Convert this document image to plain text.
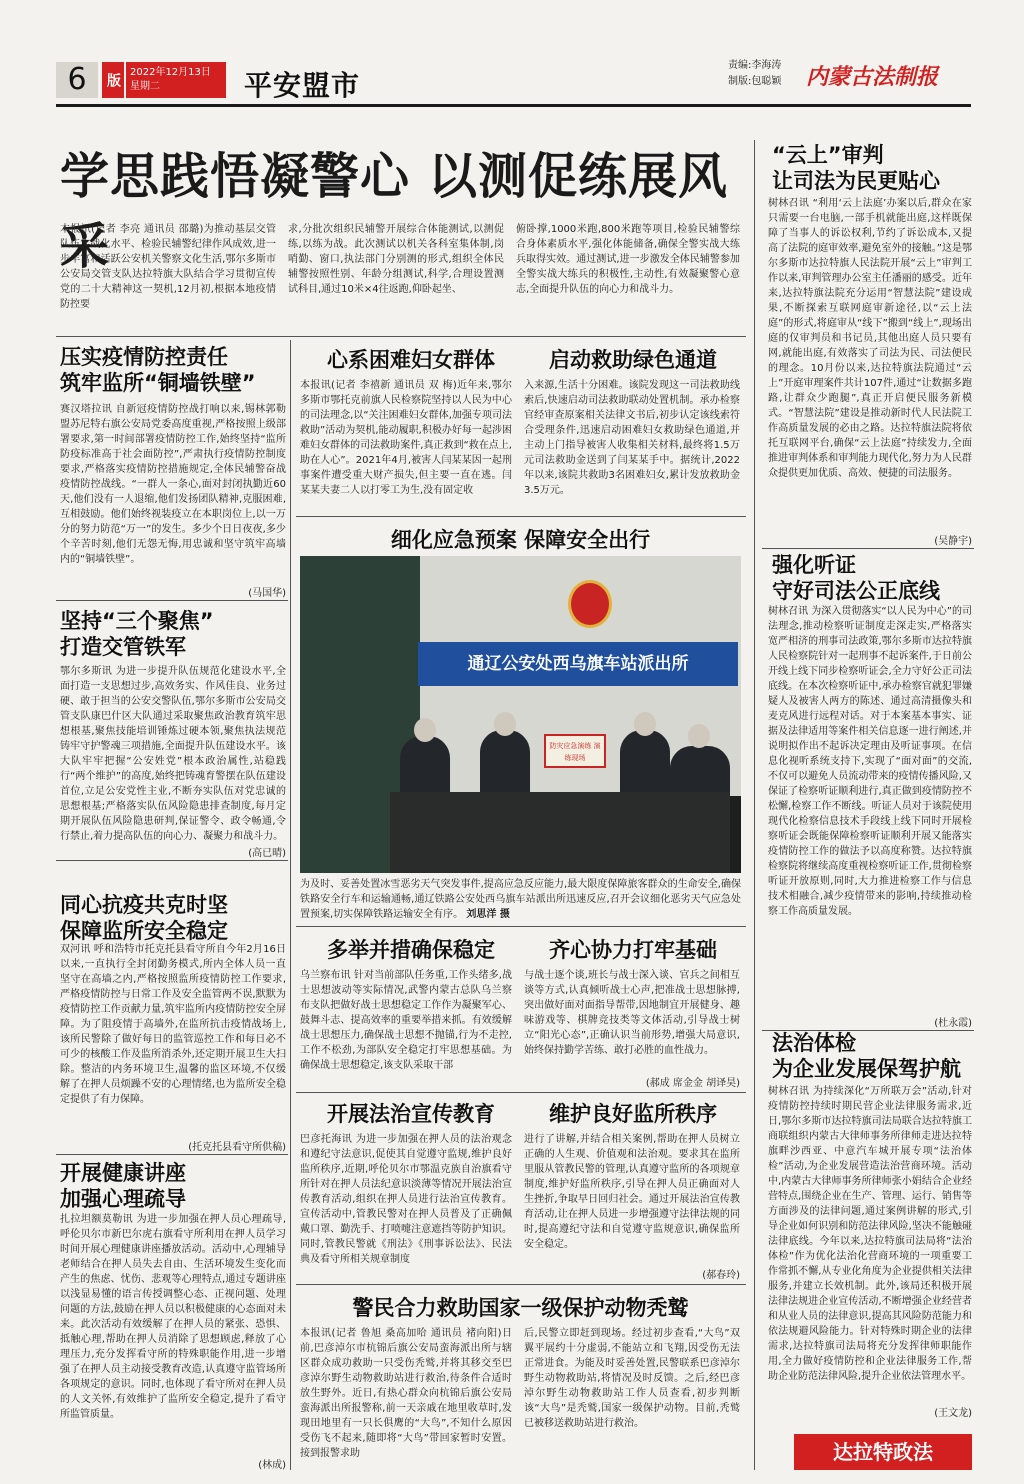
6	版
2022年12月13日
星期二	平安盟市
责编:李海涛
制版:包聪颖 内蒙古法制报
学思践悟凝警心 以测促练展风采
本报讯(记者 李亮 通讯员 邵璐)为推动基层交管队伍实战化水平、检验民辅警纪律作风成效,进一步丰富和活跃公安机关警察文化生活,鄂尔多斯市公安局交管支队达拉特旗大队结合学习贯彻宣传党的二十大精神这一契机,12月初,根据本地疫情防控要
求,分批次组织民辅警开展综合体能测试,以测促练,以练为战。此次测试以机关各科室集体制,岗哨勤、窗口,执法部门分别测的形式,组织全体民辅警按照性别、年龄分组测试,科学,合理设置测试科目,通过10米×4往返跑,仰卧起坐、
俯卧撑,1000米跑,800米跑等项目,检验民辅警综合身体素质水平,强化体能储备,确保全警实战大练兵取得实效。通过测试,进一步激发全体民辅警参加全警实战大练兵的积极性,主动性,有效凝聚警心意志,全面提升队伍的向心力和战斗力。
压实疫情防控责任
筑牢监所“铜墙铁壁”
赛汉塔拉讯 自新冠疫情防控战打响以来,锡林郭勒盟苏尼特右旗公安局党委高度重视,严格按照上级部署要求,第一时间部署疫情防控工作,始终坚持“监所防疫标准高于社会面防控”,严肃执行疫情防控制度要求,严格落实疫情防控措施规定,全体民辅警奋战疫情防控战线。“一群人一条心,面对封闭执勤近60天,他们没有一人退缩,他们发扬团队精神,克服困难,互相鼓励。他们始终视装疫立在本职岗位上,以一万分的努力防范“万一”的发生。多少个日日夜夜,多少个辛苦时刻,他们无怨无悔,用忠诚和坚守筑牢高墙内的“铜墙铁壁”。
(马国华)
坚持“三个聚焦”
打造交管铁军
鄂尔多斯讯 为进一步提升队伍规范化建设水平,全面打造一支思想过步,高效务实、作风佳良、业务过硬、敢于担当的公安交警队伍,鄂尔多斯市公安局交管支队康巴什区大队通过采取聚焦政治教育筑牢思想根基,聚焦技能培训锤炼过硬本领,聚焦执法规范铸牢守护警魂三项措施,全面提升队伍建设水平。该大队牢牢把握“公安姓党”根本政治属性,站稳践行“两个维护”的高度,始终把铸魂育警摆在队伍建设首位,立足公安党性主业,不断夯实队伍对党忠诚的思想根基;严格落实队伍风险隐患排查制度,每月定期开展队伍风险隐患研判,保证警令、政令畅通,令行禁止,着力提高队伍的向心力、凝聚力和战斗力。
(高已晴)
同心抗疫共克时坚
保障监所安全稳定
双河讯 呼和浩特市托克托县看守所自今年2月16日以来,一直执行全封闭勤务模式,所内全体人员一直坚守在高墙之内,严格按照监所疫情防控工作要求,严格疫情防控与日常工作及安全监管两不误,默默为疫情防控工作贡献力量,筑牢监所内疫情防控安全屏障。为了阻疫情于高墙外,在监所抗击疫情战场上,该所民警除了做好每日的监管巡控工作和每日必不可少的核酸工作及监所消杀外,还定期开展卫生大扫除。整洁的内务环境卫生,温馨的监区环境,不仅缓解了在押人员烦躁不安的心理情绪,也为监所安全稳定提供了有力保障。
(托克托县看守所供稿)
开展健康讲座
加强心理疏导
扎拉坦额莫勒讯 为进一步加强在押人员心理疏导,呼伦贝尔市新巴尔虎右旗看守所利用在押人员学习时间开展心理健康讲座播放活动。活动中,心理辅导老师结合在押人员失去自由、生活环境发生变化而产生的焦虑、忧伤、悲观等心理特点,通过专题讲座以浅显易懂的语言传授调整心态、正视问题、处理问题的方法,鼓励在押人员以积极健康的心态面对未来。此次活动有效缓解了在押人员的紧张、恐惧、抵触心理,帮助在押人员消除了思想顾虑,释放了心理压力,充分发挥看守所的特殊职能作用,进一步增强了在押人员主动接受教育改造,认真遵守监管场所各项规定的意识。同时,也体现了看守所对在押人员的人文关怀,有效维护了监所安全稳定,提升了看守所监管质量。
(林成)
心系困难妇女群体	启动救助绿色通道
本报讯(记者 李禧新 通讯员 双 梅)近年来,鄂尔多斯市鄂托克前旗人民检察院坚持以人民为中心的司法理念,以“关注困难妇女群体,加强专项司法救助”活动为契机,能动履职,积极办好每一起涉困难妇女群体的司法救助案件,真正救到“救在点上,助在人心”。2021年4月,被害人闫某某因一起刑事案件遭受重大财产损失,但主要一直在逃。闫某某夫妻二人以打零工为生,没有固定收
入来源,生活十分困难。该院发现这一司法救助线索后,快速启动司法救助联动处置机制。承办检察官经审查原案相关法律文书后,初步认定该线索符合受理条件,迅速启动困难妇女救助绿色通道,并主动上门指导被害人收集相关材料,最终将1.5万元司法救助金送到了闫某某手中。据统计,2022年以来,该院共救助3名困难妇女,累计发放救助金3.5万元。
细化应急预案 保障安全出行
通辽公安处西乌旗车站派出所
防灾应急演练 演练现场
为及时、妥善处置冰雪恶劣天气突发事件,提高应急反应能力,最大限度保障旅客群众的生命安全,确保铁路安全行车和运输通畅,通辽铁路公安处西乌旗车站派出所迅速反应,召开会议细化恶劣天气应急处置预案,切实保障铁路运输安全有序。 刘思洋 摄
多举并措确保稳定	齐心协力打牢基础
乌兰察布讯 针对当前部队任务重,工作头绪多,战士思想波动等实际情况,武警内蒙古总队乌兰察布支队把做好战士思想稳定工作作为凝聚军心、鼓舞斗志、提高效率的重要举措来抓。有效缓解战士思想压力,确保战士思想不抛锚,行为不走控,工作不松劲,为部队安全稳定打牢思想基础。为确保战士思想稳定,该支队采取干部
与战士逐个谈,班长与战士深入谈、官兵之间相互谈等方式,认真倾听战士心声,把准战士思想脉搏,突出做好面对面指导帮带,因地制宜开展健身、趣味游戏等、棋牌竞技类等文体活动,引导战士树立“阳光心态”,正确认识当前形势,增强大局意识,始终保持勤学苦练、敢打必胜的血性战力。
(郝成 席金金 胡译昊)
开展法治宣传教育	维护良好监所秩序
巴彦托海讯 为进一步加强在押人员的法治观念和遵纪守法意识,促使其自觉遵守监规,维护良好监所秩序,近期,呼伦贝尔市鄂温克族自治旗看守所针对在押人员法纪意识淡薄等情况开展法治宣传教育活动,组织在押人员进行法治宣传教育。宣传活动中,管教民警对在押人员普及了正确佩戴口罩、勤洗手、打喷嚏注意遮挡等防护知识。同时,管教民警就《刑法》《刑事诉讼法》、民法典及看守所相关规章制度
进行了讲解,并结合相关案例,帮助在押人员树立正确的人生观、价值观和法治观。要求其在监所里服从管教民警的管理,认真遵守监所的各项规章制度,维护好监所秩序,引导在押人员正确面对人生挫折,争取早日回归社会。通过开展法治宣传教育活动,让在押人员进一步增强遵守法律法规的同时,提高遵纪守法和自觉遵守监规意识,确保监所安全稳定。
(郝春玲)
警民合力救助国家一级保护动物秃鹫
本报讯(记者 鲁旭 桑高加哈 通讯员 褚向阳)日前,巴彦淖尔市杭锦后旗公安局蛮海派出所与辖区群众成功救助一只受伤秃鹫,并将其移交至巴彦淖尔野生动物救助站进行救治,待条件合适时放生野外。近日,有热心群众向杭锦后旗公安局蛮海派出所报警称,前一天亲戚在地里收草时,发现田地里有一只长俱鹰的“大鸟”,不知什么原因受伤飞不起来,随即将“大鸟”带回家暂时安置。接到报警求助
后,民警立即赶到现场。经过初步查看,“大鸟”双翼平展约十分虚弱,不能站立和飞翔,因受伤无法正常进食。为能及时妥善处置,民警联系巴彦淖尔野生动物救助站,将情况及时反馈。之后,经巴彦淖尔野生动物救助站工作人员查看,初步判断该“大鸟”是秃鹫,国家一级保护动物。目前,秃鹫已被移送救助站进行救治。
“云上”审判
让司法为民更贴心
树林召讯 “利用‘云上法庭’办案以后,群众在家只需要一台电脑,一部手机就能出庭,这样既保障了当事人的诉讼权利,节约了诉讼成本,又提高了法院的庭审效率,避免室外的接触。”这是鄂尔多斯市达拉特旗人民法院开展“云上”审判工作以来,审判管理办公室主任潘丽的感受。近年来,达拉特旗法院充分运用“智慧法院”建设成果,不断探索互联网庭审新途径,以“云上法庭”的形式,将庭审从“线下”搬到“线上”,现场出庭的仅审判员和书记员,其他出庭人员只要有网,就能出庭,有效落实了司法为民、司法便民的理念。10月份以来,达拉特旗法院通过“云上”开庭审理案件共计107件,通过“让数据多跑路,让群众少跑腿”,真正开启便民服务新模式。“智慧法院”建设是推动新时代人民法院工作高质量发展的必由之路。达拉特旗法院将依托互联网平台,确保“云上法庭”持续发力,全面推进审判体系和审判能力现代化,努力为人民群众提供更加优质、高效、便捷的司法服务。
(吴静宇)
强化听证
守好司法公正底线
树林召讯 为深入贯彻落实“以人民为中心”的司法理念,推动检察听证制度走深走实,严格落实宽严相济的刑事司法政策,鄂尔多斯市达拉特旗人民检察院针对一起刑事不起诉案件,于日前公开线上线下同步检察听证会,全力守好公正司法底线。在本次检察听证中,承办检察官就犯罪嫌疑人及被害人两方的陈述、通过高清摄像头和麦克风进行远程对话。对于本案基本事实、证据及法律适用等案件相关信息逐一进行阐述,并说明拟作出不起诉决定理由及听证事项。在信息化视听系统支持下,实现了“面对面”的交流,不仅可以避免人员流动带来的疫情传播风险,又保证了检察听证顺利进行,真正做到疫情防控不松懈,检察工作不断线。听证人员对于该院使用现代化检察信息技术手段线上线下同时开展检察听证会既能保障检察听证顺利开展又能落实疫情防控工作的做法予以高度称赞。达拉特旗检察院将继续高度重视检察听证工作,贯彻检察听证开放原则,同时,大力推进检察工作与信息技术相融合,减少疫情带来的影响,持续推动检察工作高质量发展。
(杜永霞)
法治体检
为企业发展保驾护航
树林召讯 为持续深化“万所联万会”活动,针对疫情防控持续时期民营企业法律服务需求,近日,鄂尔多斯市达拉特旗司法局联合达拉特旗工商联组织内蒙古大律师事务所律师走进达拉特旗畔沙西亚、中意汽车城开展专项“法治体检”活动,为企业发展营造法治营商环境。活动中,内蒙古大律师事务所律师张小娟结合企业经营特点,围绕企业在生产、管理、运行、销售等方面涉及的法律问题,通过案例讲解的形式,引导企业如何识别和防范法律风险,坚决不能触碰法律底线。今年以来,达拉特旗司法局将“法治体检”作为优化法治化营商环境的一项重要工作常抓不懈,从专业化角度为企业提供相关法律服务,并建立长效机制。此外,该局还积极开展法律法规进企业宣传活动,不断增强企业经营者和从业人员的法律意识,提高其风险防范能力和依法规避风险能力。针对特殊时期企业的法律需求,达拉特旗司法局将充分发挥律师职能作用,全力做好疫情防控和企业法律服务工作,帮助企业防范法律风险,提升企业依法管理水平。
(王文龙)
达拉特政法
